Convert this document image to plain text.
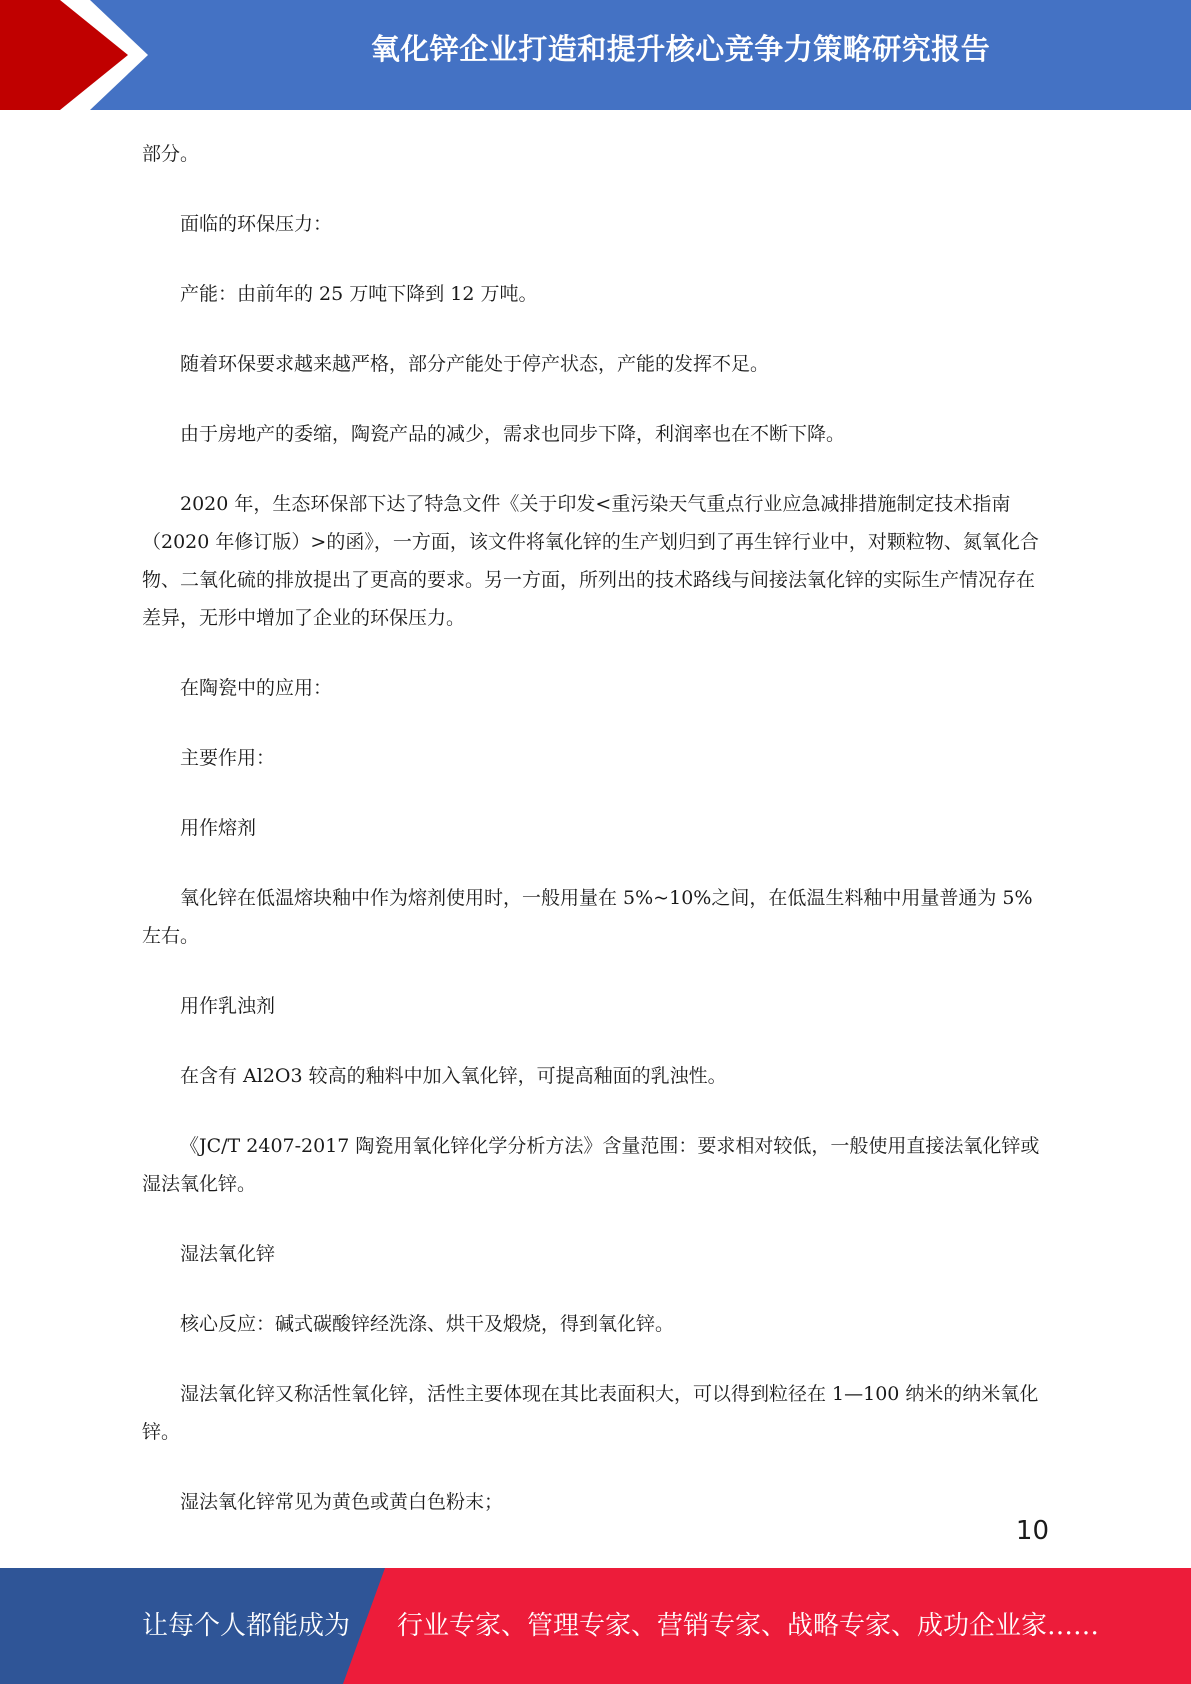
氧化锌企业打造和提升核心竞争力策略研究报告

部分。

面临的环保压力：

产能：由前年的 25 万吨下降到 12 万吨。

随着环保要求越来越严格，部分产能处于停产状态，产能的发挥不足。

由于房地产的委缩，陶瓷产品的减少，需求也同步下降，利润率也在不断下降。

2020 年，生态环保部下达了特急文件《关于印发<重污染天气重点行业应急减排措施制定技术指南（2020 年修订版）>的函》，一方面，该文件将氧化锌的生产划归到了再生锌行业中，对颗粒物、氮氧化合物、二氧化硫的排放提出了更高的要求。另一方面，所列出的技术路线与间接法氧化锌的实际生产情况存在差异，无形中增加了企业的环保压力。

在陶瓷中的应用：

主要作用：

用作熔剂

氧化锌在低温熔块釉中作为熔剂使用时，一般用量在 5%~10%之间，在低温生料釉中用量普通为 5%左右。

用作乳浊剂

在含有 Al2O3 较高的釉料中加入氧化锌，可提高釉面的乳浊性。

《JC/T 2407-2017 陶瓷用氧化锌化学分析方法》含量范围：要求相对较低，一般使用直接法氧化锌或湿法氧化锌。

湿法氧化锌

核心反应：碱式碳酸锌经洗涤、烘干及煅烧，得到氧化锌。

湿法氧化锌又称活性氧化锌，活性主要体现在其比表面积大，可以得到粒径在 1—100 纳米的纳米氧化锌。

湿法氧化锌常见为黄色或黄白色粉末；

10
让每个人都能成为 行业专家、管理专家、营销专家、战略专家、成功企业家……
